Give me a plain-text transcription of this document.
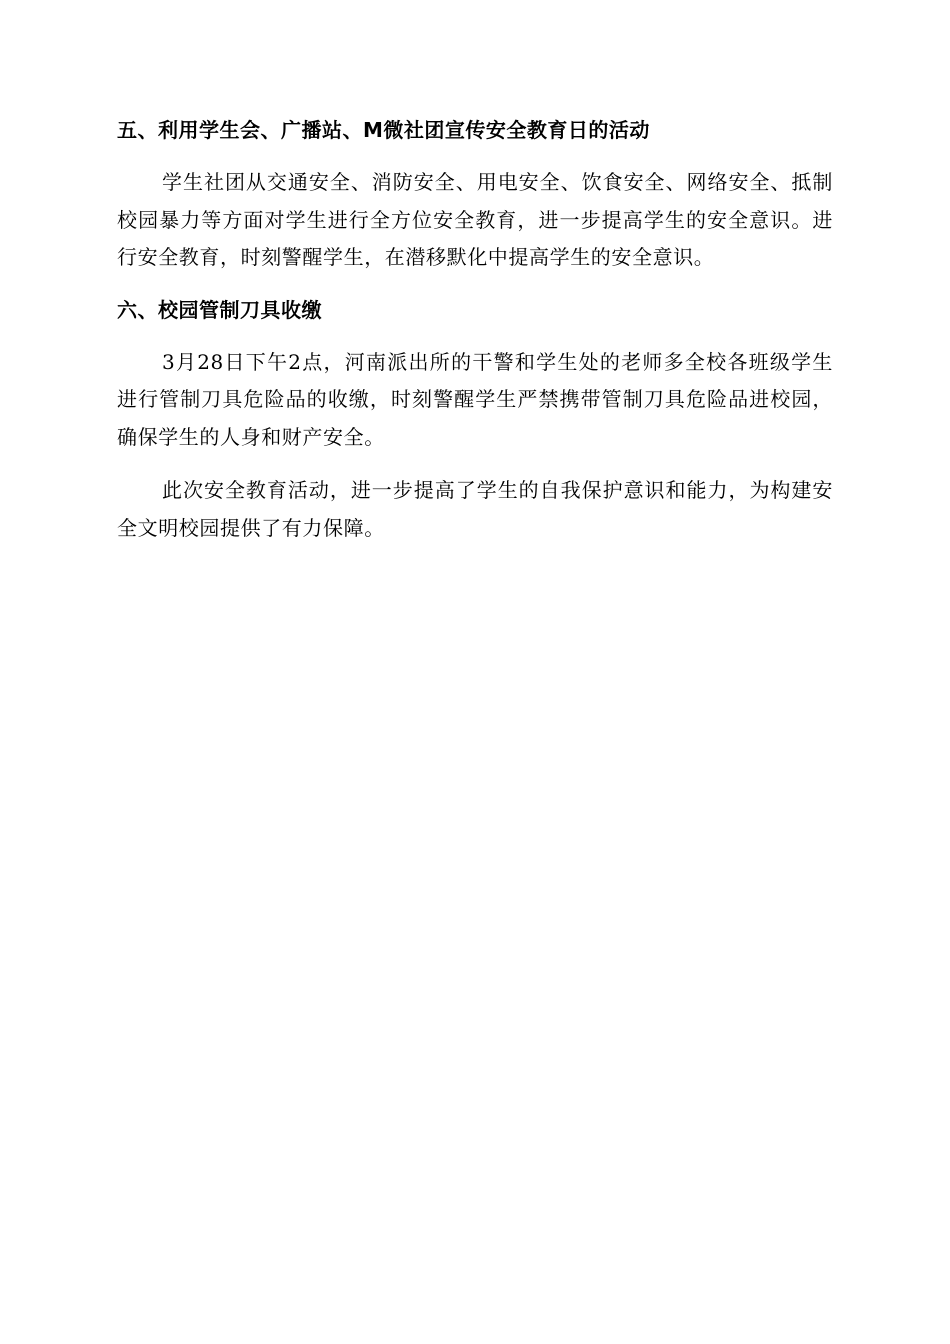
五、利用学生会、广播站、M微社团宣传安全教育日的活动

学生社团从交通安全、消防安全、用电安全、饮食安全、网络安全、抵制校园暴力等方面对学生进行全方位安全教育，进一步提高学生的安全意识。进行安全教育，时刻警醒学生，在潜移默化中提高学生的安全意识。

六、校园管制刀具收缴

3月28日下午2点，河南派出所的干警和学生处的老师多全校各班级学生进行管制刀具危险品的收缴，时刻警醒学生严禁携带管制刀具危险品进校园，确保学生的人身和财产安全。

此次安全教育活动，进一步提高了学生的自我保护意识和能力，为构建安全文明校园提供了有力保障。
